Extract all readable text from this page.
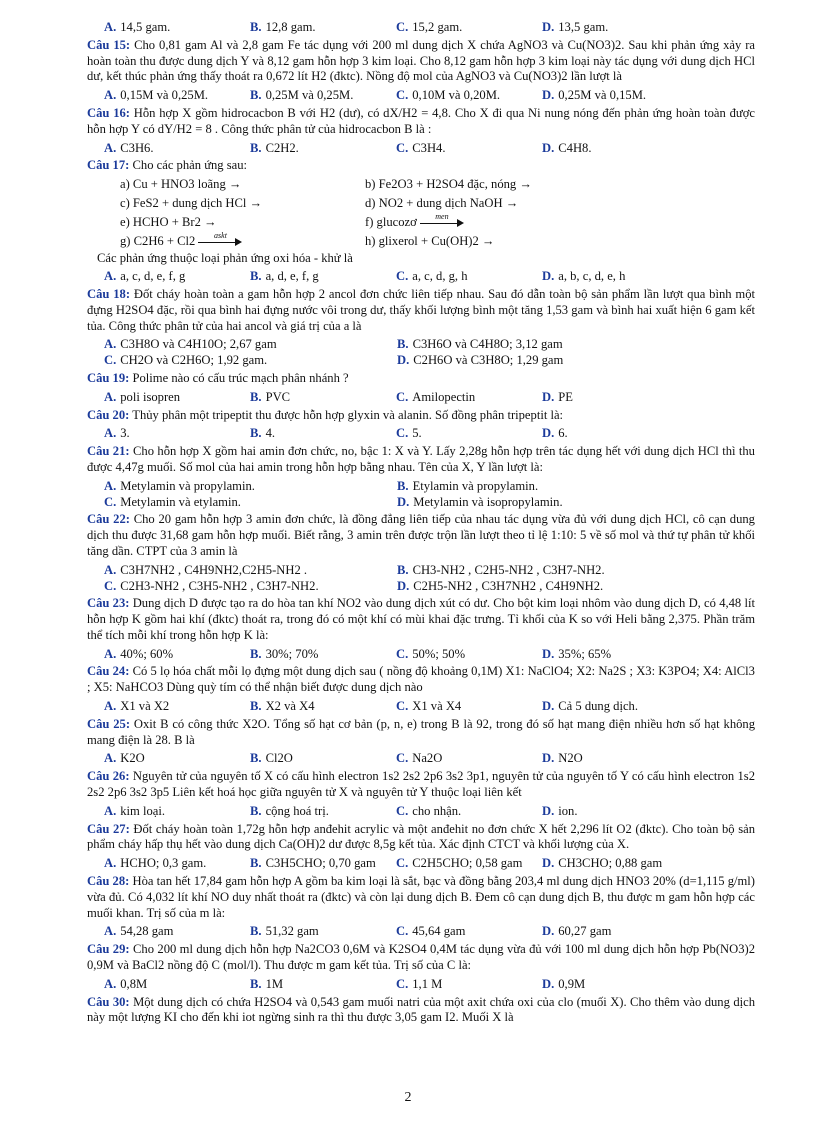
A. 14,5 gam.	B. 12,8 gam.	C. 15,2 gam.	D. 13,5 gam.

Câu 15: Cho 0,81 gam Al và 2,8 gam Fe tác dụng với 200 ml dung dịch X chứa AgNO3 và Cu(NO3)2. Sau khi phản ứng xảy ra hoàn toàn thu được dung dịch Y và 8,12 gam hỗn hợp 3 kim loại. Cho 8,12 gam hỗn hợp 3 kim loại này tác dụng với dung dịch HCl dư, kết thúc phản ứng thấy thoát ra 0,672 lít H2 (đktc). Nồng độ mol của AgNO3 và Cu(NO3)2 lần lượt là

A. 0,15M và 0,25M.	B. 0,25M và 0,25M.	C. 0,10M và 0,20M.	D. 0,25M và 0,15M.

Câu 16: Hỗn hợp X gồm hidrocacbon B với H2 (dư), có dX/H2 = 4,8. Cho X đi qua Ni nung nóng đến phản ứng hoàn toàn được hỗn hợp Y có dY/H2 = 8 . Công thức phân tử của hidrocacbon B là :

A. C3H6.	B. C2H2.	C. C3H4.	D. C4H8.

Câu 17: Cho các phản ứng sau:

a) Cu + HNO3 loãng →	b) Fe2O3 + H2SO4 đặc, nóng →
c) FeS2 + dung dịch HCl →	d) NO2 + dung dịch NaOH →
e) HCHO + Br2 →	f) glucozơ	men
g) C2H6 + Cl2	askt	h) glixerol + Cu(OH)2 →

Các phản ứng thuộc loại phản ứng oxi hóa - khử là

A. a, c, d, e, f, g	B. a, d, e, f, g	C. a, c, d, g, h	D. a, b, c, d, e, h

Câu 18: Đốt cháy hoàn toàn a gam hỗn hợp 2 ancol đơn chức liên tiếp nhau. Sau đó dẫn toàn bộ sản phẩm lần lượt qua bình một đựng H2SO4 đặc, rồi qua bình hai đựng nước vôi trong dư, thấy khối lượng bình một tăng 1,53 gam và bình hai xuất hiện 6 gam kết tủa. Công thức phân tử của hai ancol và giá trị của a là

A. C3H8O và C4H10O; 2,67 gam	B. C3H6O và C4H8O; 3,12 gam
C. CH2O và C2H6O; 1,92 gam.	D. C2H6O và C3H8O; 1,29 gam

Câu 19: Polime nào có cấu trúc mạch phân nhánh ?

A. poli isopren	B. PVC	C. Amilopectin	D. PE

Câu 20: Thủy phân một tripeptit thu được hỗn hợp glyxin và alanin. Số đồng phân tripeptit là:

A. 3.	B. 4.	C. 5.	D. 6.

Câu 21: Cho hỗn hợp X gồm hai amin đơn chức, no, bậc 1: X và Y. Lấy 2,28g hỗn hợp trên tác dụng hết với dung dịch HCl thì thu được 4,47g muối. Số mol của hai amin trong hỗn hợp bằng nhau. Tên của X, Y lần lượt là:

A. Metylamin và propylamin.	B. Etylamin và propylamin.
C. Metylamin và etylamin.	D. Metylamin và isopropylamin.

Câu 22: Cho 20 gam hỗn hợp 3 amin đơn chức, là đồng đẳng liên tiếp của nhau tác dụng vừa đủ với dung dịch HCl, cô cạn dung dịch thu được 31,68 gam hỗn hợp muối. Biết rằng, 3 amin trên được trộn lần lượt theo tỉ lệ 1:10: 5 về số mol và thứ tự phân tử khối tăng dần. CTPT của 3 amin là

A. C3H7NH2 , C4H9NH2,C2H5-NH2 .	B. CH3-NH2 , C2H5-NH2 , C3H7-NH2.
C. C2H3-NH2 , C3H5-NH2 , C3H7-NH2.	D. C2H5-NH2 , C3H7NH2 , C4H9NH2.

Câu 23: Dung dịch D được tạo ra do hòa tan khí NO2 vào dung dịch xút có dư. Cho bột kim loại nhôm vào dung dịch D, có 4,48 lít hỗn hợp K gồm hai khí (đktc) thoát ra, trong đó có một khí có mùi khai đặc trưng. Tỉ khối của K so với Heli bằng 2,375. Phần trăm thể tích mỗi khí trong hỗn hợp K là:

A. 40%; 60%	B. 30%; 70%	C. 50%; 50%	D. 35%; 65%

Câu 24: Có 5 lọ hóa chất mỗi lọ đựng một dung dịch sau ( nồng độ khoảng 0,1M) X1: NaClO4; X2: Na2S ; X3: K3PO4; X4: AlCl3 ; X5: NaHCO3 Dùng quỳ tím có thể nhận biết được dung dịch nào

A. X1 và X2	B. X2 và X4	C. X1 và X4	D. Cả 5 dung dịch.

Câu 25: Oxit B có công thức X2O. Tổng số hạt cơ bản (p, n, e) trong B là 92, trong đó số hạt mang điện nhiều hơn số hạt không mang điện là 28. B là

A. K2O	B. Cl2O	C. Na2O	D. N2O

Câu 26: Nguyên tử của nguyên tố X có cấu hình electron 1s2 2s2 2p6 3s2 3p1, nguyên tử của nguyên tố Y có cấu hình electron 1s2 2s2 2p6 3s2 3p5 Liên kết hoá học giữa nguyên tử X và nguyên tử Y thuộc loại liên kết

A. kim loại.	B. cộng hoá trị.	C. cho nhận.	D. ion.

Câu 27: Đốt cháy hoàn toàn 1,72g hỗn hợp anđehit acrylic và một anđehit no đơn chức X hết 2,296 lít O2 (đktc). Cho toàn bộ sản phẩm cháy hấp thụ hết vào dung dịch Ca(OH)2 dư được 8,5g kết tủa. Xác định CTCT và khối lượng của X.

A. HCHO; 0,3 gam.	B. C3H5CHO; 0,70 gam	C. C2H5CHO; 0,58 gam	D. CH3CHO; 0,88 gam

Câu 28: Hòa tan hết 17,84 gam hỗn hợp A gồm ba kim loại là sắt, bạc và đồng bằng 203,4 ml dung dịch HNO3 20% (d=1,115 g/ml) vừa đủ. Có 4,032 lít khí NO duy nhất thoát ra (đktc) và còn lại dung dịch B. Đem cô cạn dung dịch B, thu được m gam hỗn hợp các muối khan. Trị số của m là:

A. 54,28 gam	B. 51,32 gam	C. 45,64 gam	D. 60,27 gam

Câu 29: Cho 200 ml dung dịch hỗn hợp Na2CO3 0,6M và K2SO4 0,4M tác dụng vừa đủ với 100 ml dung dịch hỗn hợp Pb(NO3)2 0,9M và BaCl2 nồng độ C (mol/l). Thu được m gam kết tủa. Trị số của C là:

A. 0,8M	B. 1M	C. 1,1 M	D. 0,9M

Câu 30: Một dung dịch có chứa H2SO4 và 0,543 gam muối natri của một axit chứa oxi của clo (muối X). Cho thêm vào dung dịch này một lượng KI cho đến khi iot ngừng sinh ra thì thu được 3,05 gam I2. Muối X là

2
